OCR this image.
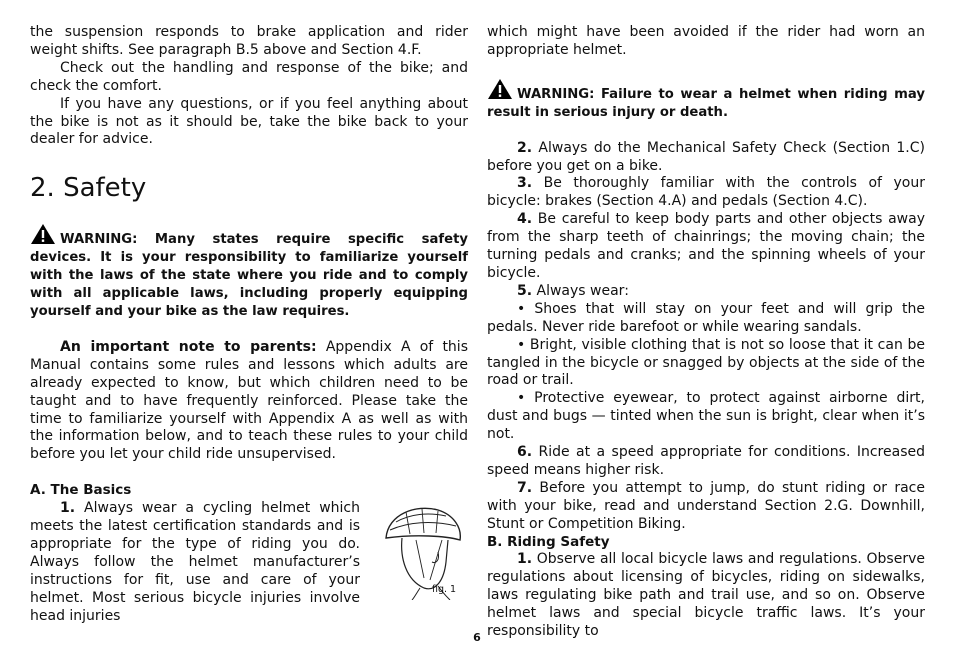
the suspension responds to brake application and rider weight shifts. See paragraph B.5 above and Section 4.F.

Check out the handling and response of the bike; and check the comfort.

If you have any questions, or if you feel anything about the bike is not as it should be, take the bike back to your dealer for advice.

2. Safety

WARNING: Many states require specific safety devices. It is your responsibility to familiarize yourself with the laws of the state where you ride and to comply with all applicable laws, including properly equipping yourself and your bike as the law requires.

An important note to parents: Appendix A of this Manual contains some rules and lessons which adults are already expected to know, but which children need to be taught and to have frequently reinforced. Please take the time to familiarize yourself with Appendix A as well as with the information below, and to teach these rules to your child before you let your child ride unsupervised.

A. The Basics

1. Always wear a cycling helmet which meets the latest certification standards and is appropriate for the type of riding you do. Always follow the helmet manufacturer’s instructions for fit, use and care of your helmet. Most serious bicycle injuries involve head injuries

fig. 1

which might have been avoided if the rider had worn an appropriate helmet.

WARNING: Failure to wear a helmet when riding may result in serious injury or death.

2. Always do the Mechanical Safety Check (Section 1.C) before you get on a bike.

3. Be thoroughly familiar with the controls of your bicycle: brakes (Section 4.A) and pedals (Section 4.C).

4. Be careful to keep body parts and other objects away from the sharp teeth of chainrings; the moving chain; the turning pedals and cranks; and the spinning wheels of your bicycle.

5. Always wear:

• Shoes that will stay on your feet and will grip the pedals. Never ride barefoot or while wearing sandals.

• Bright, visible clothing that is not so loose that it can be tangled in the bicycle or snagged by objects at the side of the road or trail.

• Protective eyewear, to protect against airborne dirt, dust and bugs — tinted when the sun is bright, clear when it’s not.

6. Ride at a speed appropriate for conditions. Increased speed means higher risk.

7. Before you attempt to jump, do stunt riding or race with your bike, read and understand Section 2.G. Downhill, Stunt or Competition Biking.

B. Riding Safety

1. Observe all local bicycle laws and regulations. Observe regulations about licensing of bicycles, riding on sidewalks, laws regulating bike path and trail use, and so on. Observe helmet laws and special bicycle traffic laws. It’s your responsibility to

6
